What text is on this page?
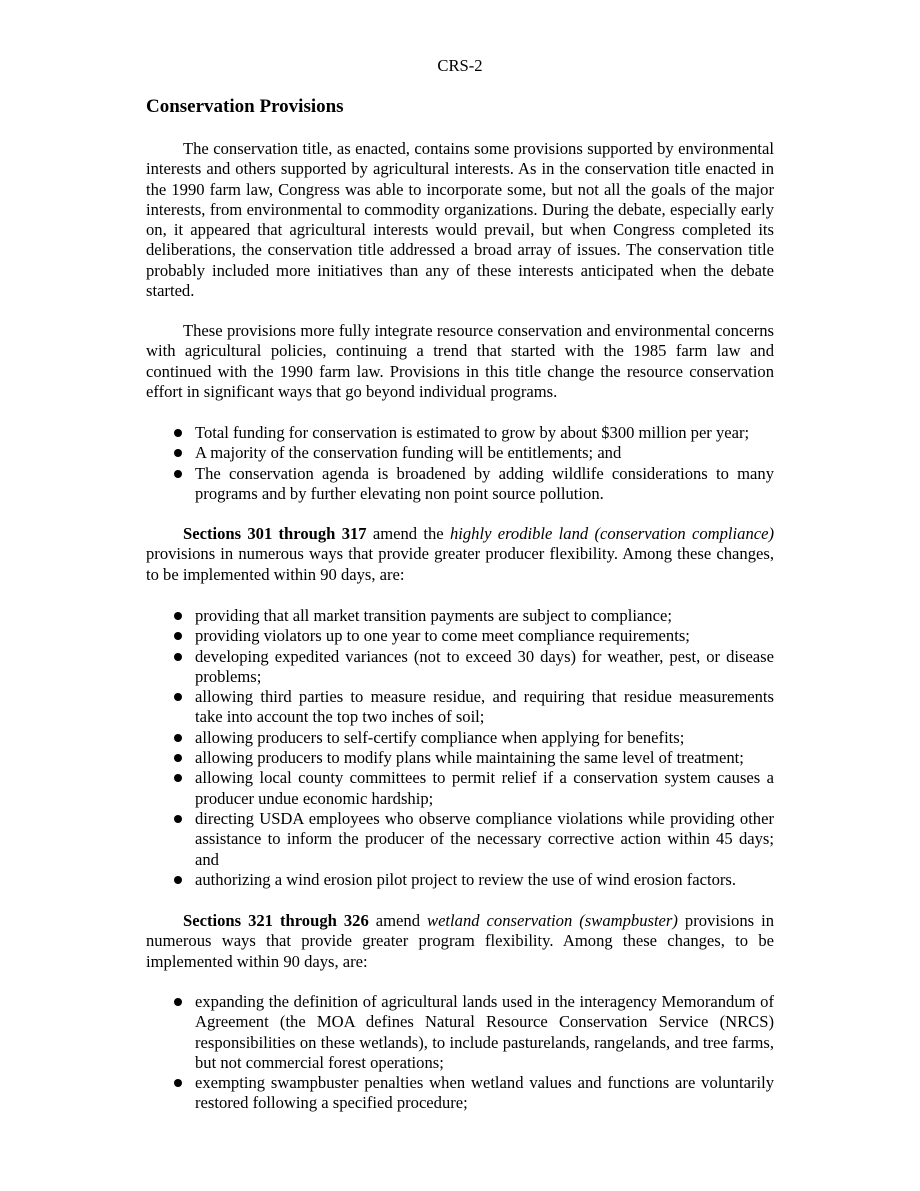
CRS-2
Conservation Provisions

The conservation title, as enacted, contains some provisions supported by environmental interests and others supported by agricultural interests. As in the conservation title enacted in the 1990 farm law, Congress was able to incorporate some, but not all the goals of the major interests, from environmental to commodity organizations. During the debate, especially early on, it appeared that agricultural interests would prevail, but when Congress completed its deliberations, the conservation title addressed a broad array of issues. The conservation title probably included more initiatives than any of these interests anticipated when the debate started.

These provisions more fully integrate resource conservation and environmental concerns with agricultural policies, continuing a trend that started with the 1985 farm law and continued with the 1990 farm law. Provisions in this title change the resource conservation effort in significant ways that go beyond individual programs.

Total funding for conservation is estimated to grow by about $300 million per year;
A majority of the conservation funding will be entitlements; and
The conservation agenda is broadened by adding wildlife considerations to many programs and by further elevating non point source pollution.

Sections 301 through 317 amend the highly erodible land (conservation compliance) provisions in numerous ways that provide greater producer flexibility. Among these changes, to be implemented within 90 days, are:

providing that all market transition payments are subject to compliance;
providing violators up to one year to come meet compliance requirements;
developing expedited variances (not to exceed 30 days) for weather, pest, or disease problems;
allowing third parties to measure residue, and requiring that residue measurements take into account the top two inches of soil;
allowing producers to self-certify compliance when applying for benefits;
allowing producers to modify plans while maintaining the same level of treatment;
allowing local county committees to permit relief if a conservation system causes a producer undue economic hardship;
directing USDA employees who observe compliance violations while providing other assistance to inform the producer of the necessary corrective action within 45 days; and
authorizing a wind erosion pilot project to review the use of wind erosion factors.

Sections 321 through 326 amend wetland conservation (swampbuster) provisions in numerous ways that provide greater program flexibility. Among these changes, to be implemented within 90 days, are:

expanding the definition of agricultural lands used in the interagency Memorandum of Agreement (the MOA defines Natural Resource Conservation Service (NRCS) responsibilities on these wetlands), to include pasturelands, rangelands, and tree farms, but not commercial forest operations;
exempting swampbuster penalties when wetland values and functions are voluntarily restored following a specified procedure;
